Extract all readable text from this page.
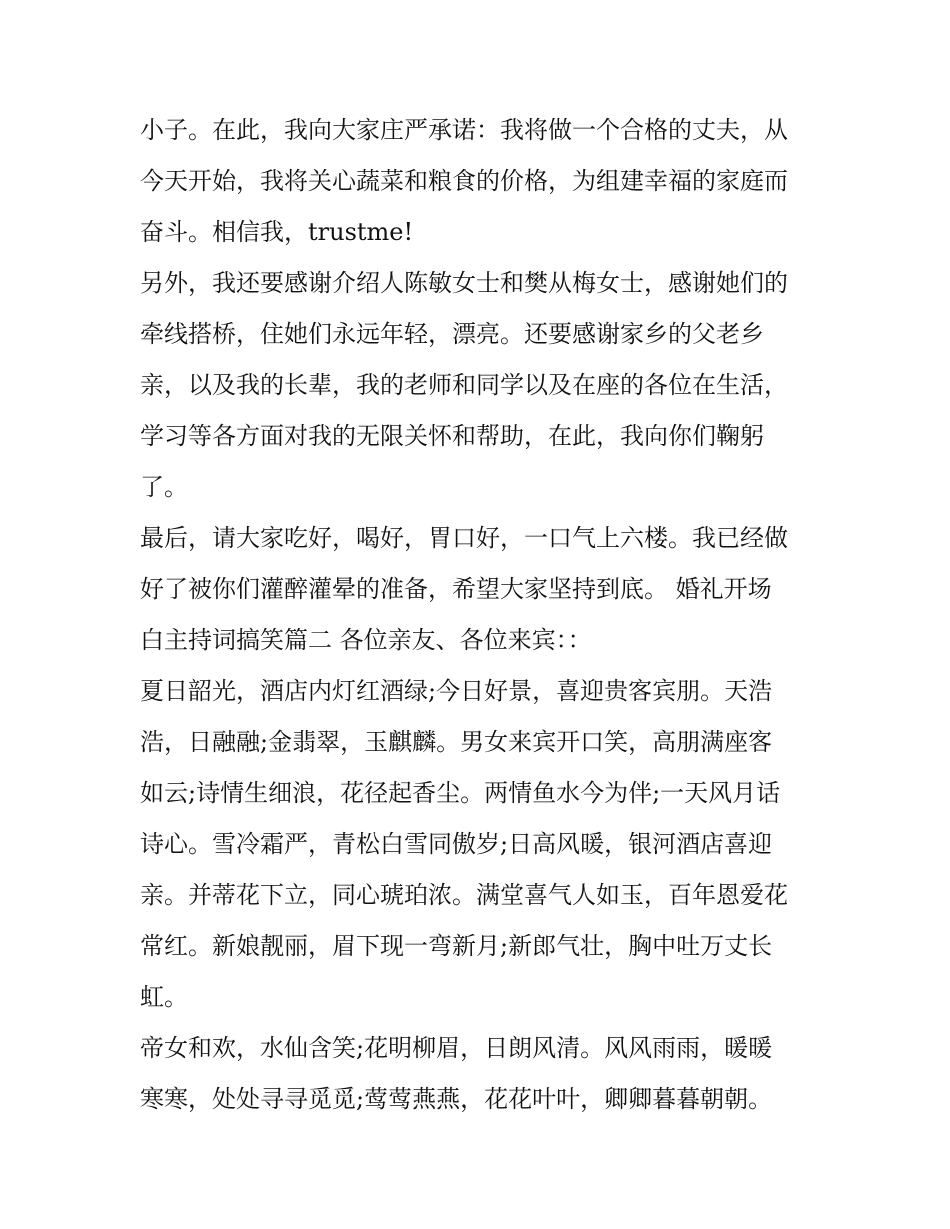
小子。在此，我向大家庄严承诺：我将做一个合格的丈夫，从
今天开始，我将关心蔬菜和粮食的价格，为组建幸福的家庭而
奋斗。相信我，trustme!
另外，我还要感谢介绍人陈敏女士和樊从梅女士，感谢她们的
牵线搭桥，住她们永远年轻，漂亮。还要感谢家乡的父老乡
亲，以及我的长辈，我的老师和同学以及在座的各位在生活，
学习等各方面对我的无限关怀和帮助，在此，我向你们鞠躬
了。
最后，请大家吃好，喝好，胃口好，一口气上六楼。我已经做
好了被你们灌醉灌晕的准备，希望大家坚持到底。 婚礼开场
白主持词搞笑篇二 各位亲友、各位来宾：：
夏日韶光，酒店内灯红酒绿;今日好景，喜迎贵客宾朋。天浩
浩，日融融;金翡翠，玉麒麟。男女来宾开口笑，高朋满座客
如云;诗情生细浪，花径起香尘。两情鱼水今为伴;一天风月话
诗心。雪冷霜严，青松白雪同傲岁;日高风暖，银河酒店喜迎
亲。并蒂花下立，同心琥珀浓。满堂喜气人如玉，百年恩爱花
常红。新娘靓丽，眉下现一弯新月;新郎气壮，胸中吐万丈长
虹。
帝女和欢，水仙含笑;花明柳眉，日朗风清。风风雨雨，暖暖
寒寒，处处寻寻觅觅;莺莺燕燕，花花叶叶，卿卿暮暮朝朝。
